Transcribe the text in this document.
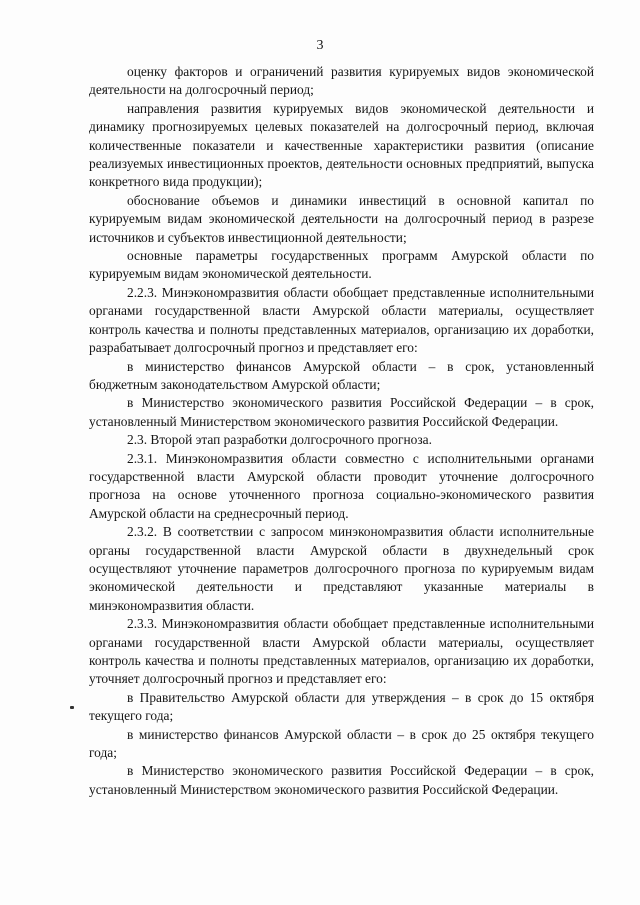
3

оценку факторов и ограничений развития курируемых видов экономической деятельности на долгосрочный период;

направления развития курируемых видов экономической деятельности и динамику прогнозируемых целевых показателей на долгосрочный период, включая количественные показатели и качественные характеристики развития (описание реализуемых инвестиционных проектов, деятельности основных предприятий, выпуска конкретного вида продукции);

обоснование объемов и динамики инвестиций в основной капитал по курируемым видам экономической деятельности на долгосрочный период в разрезе источников и субъектов инвестиционной деятельности;

основные параметры государственных программ Амурской области по курируемым видам экономической деятельности.

2.2.3. Минэкономразвития области обобщает представленные исполнительными органами государственной власти Амурской области материалы, осуществляет контроль качества и полноты представленных материалов, организацию их доработки, разрабатывает долгосрочный прогноз и представляет его:

в министерство финансов Амурской области – в срок, установленный бюджетным законодательством Амурской области;

в Министерство экономического развития Российской Федерации – в срок, установленный Министерством экономического развития Российской Федерации.

2.3. Второй этап разработки долгосрочного прогноза.

2.3.1. Минэкономразвития области совместно с исполнительными органами государственной власти Амурской области проводит уточнение долгосрочного прогноза на основе уточненного прогноза социально-экономического развития Амурской области на среднесрочный период.

2.3.2. В соответствии с запросом минэкономразвития области исполнительные органы государственной власти Амурской области в двухнедельный срок осуществляют уточнение параметров долгосрочного прогноза по курируемым видам экономической деятельности и представляют указанные материалы в минэкономразвития области.

2.3.3. Минэкономразвития области обобщает представленные исполнительными органами государственной власти Амурской области материалы, осуществляет контроль качества и полноты представленных материалов, организацию их доработки, уточняет долгосрочный прогноз и представляет его:

в Правительство Амурской области для утверждения – в срок до 15 октября текущего года;

в министерство финансов Амурской области – в срок до 25 октября текущего года;

в Министерство экономического развития Российской Федерации – в срок, установленный Министерством экономического развития Российской Федерации.
